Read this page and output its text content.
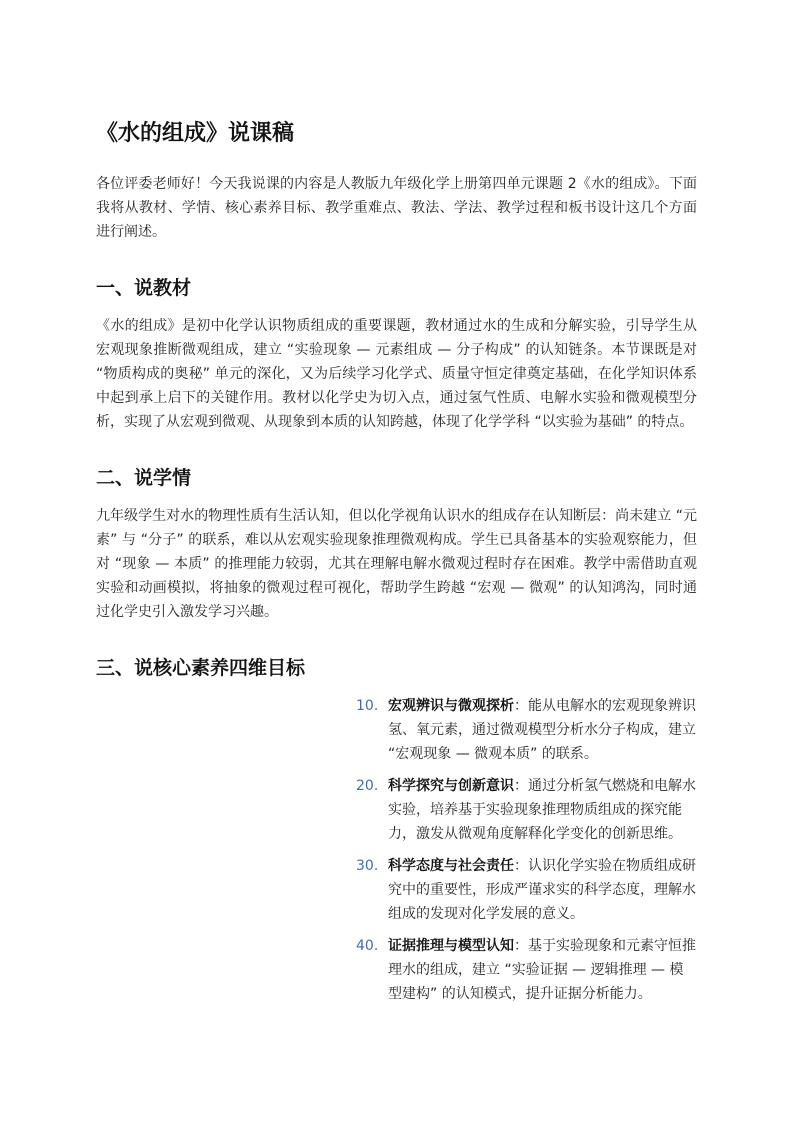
《水的组成》说课稿

各位评委老师好！今天我说课的内容是人教版九年级化学上册第四单元课题 2《水的组成》。下面我将从教材、学情、核心素养目标、教学重难点、教法、学法、教学过程和板书设计这几个方面进行阐述。

一、说教材

《水的组成》是初中化学认识物质组成的重要课题，教材通过水的生成和分解实验，引导学生从宏观现象推断微观组成，建立 “实验现象 — 元素组成 — 分子构成” 的认知链条。本节课既是对 “物质构成的奥秘” 单元的深化，又为后续学习化学式、质量守恒定律奠定基础，在化学知识体系中起到承上启下的关键作用。教材以化学史为切入点，通过氢气性质、电解水实验和微观模型分析，实现了从宏观到微观、从现象到本质的认知跨越，体现了化学学科 “以实验为基础” 的特点。

二、说学情

九年级学生对水的物理性质有生活认知，但以化学视角认识水的组成存在认知断层：尚未建立 “元素” 与 “分子” 的联系，难以从宏观实验现象推理微观构成。学生已具备基本的实验观察能力，但对 “现象 — 本质” 的推理能力较弱，尤其在理解电解水微观过程时存在困难。教学中需借助直观实验和动画模拟，将抽象的微观过程可视化，帮助学生跨越 “宏观 — 微观” 的认知鸿沟，同时通过化学史引入激发学习兴趣。

三、说核心素养四维目标
10. 宏观辨识与微观探析：能从电解水的宏观现象辨识氢、氧元素，通过微观模型分析水分子构成，建立 “宏观现象 — 微观本质” 的联系。
20. 科学探究与创新意识：通过分析氢气燃烧和电解水实验，培养基于实验现象推理物质组成的探究能力，激发从微观角度解释化学变化的创新思维。
30. 科学态度与社会责任：认识化学实验在物质组成研究中的重要性，形成严谨求实的科学态度，理解水组成的发现对化学发展的意义。
40. 证据推理与模型认知：基于实验现象和元素守恒推理水的组成，建立 “实验证据 — 逻辑推理 — 模型建构” 的认知模式，提升证据分析能力。
